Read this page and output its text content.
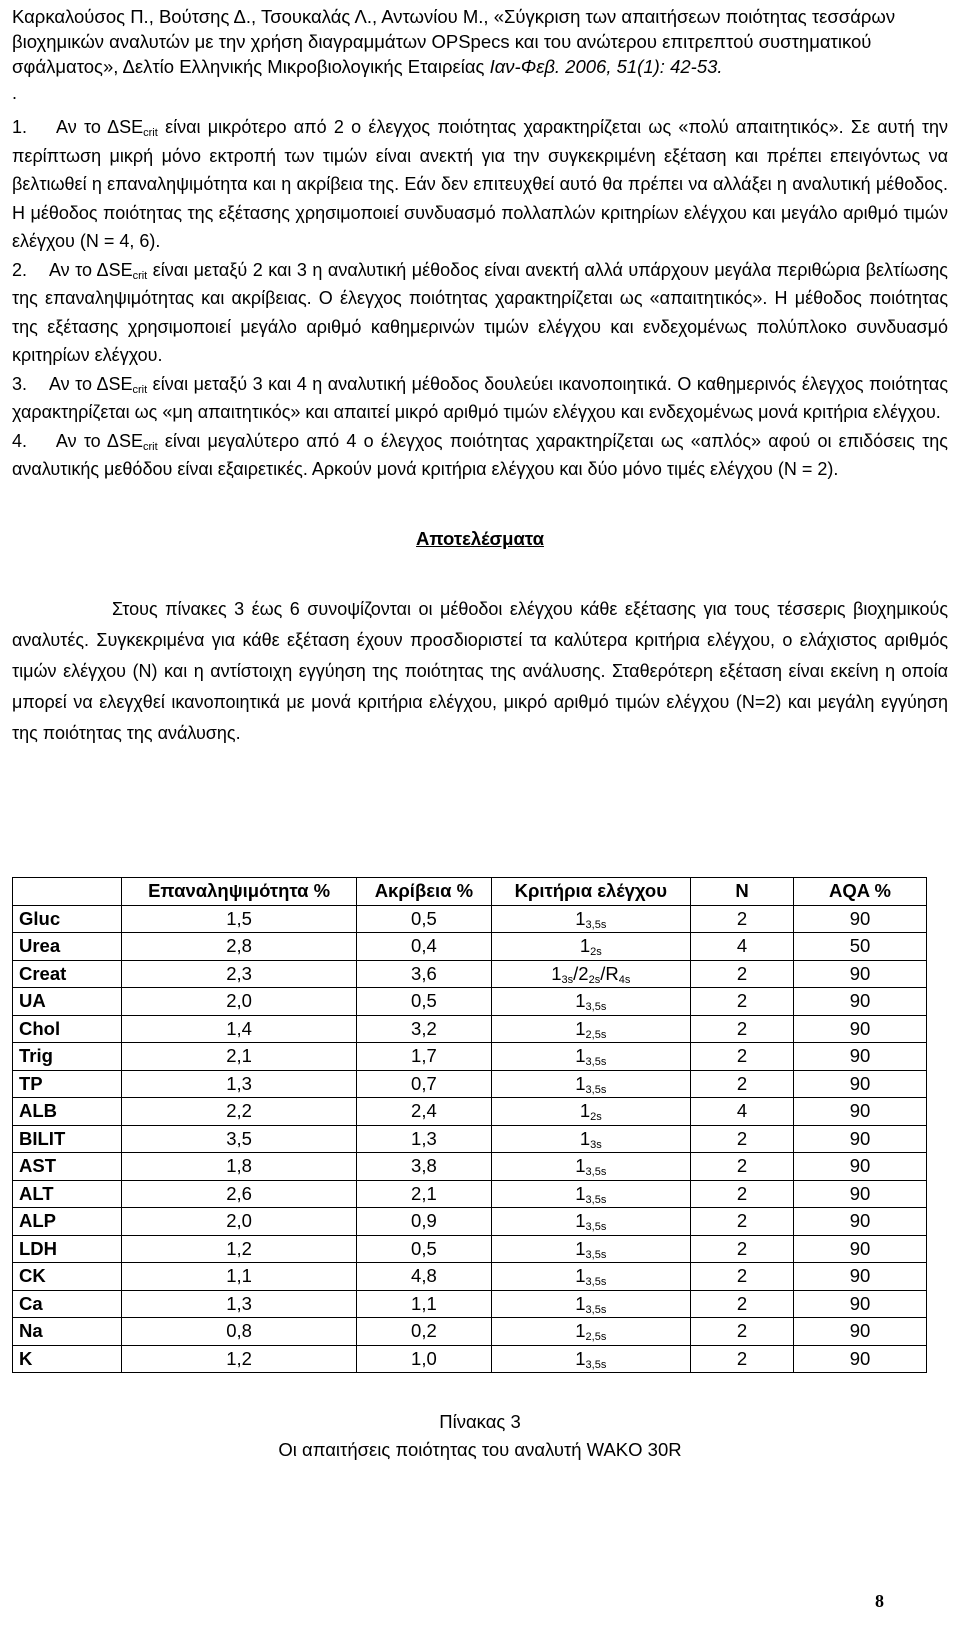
Καρκαλούσος Π., Βούτσης Δ., Τσουκαλάς Λ., Αντωνίου Μ., «Σύγκριση των απαιτήσεων ποιότητας τεσσάρων βιοχημικών αναλυτών με την χρήση διαγραμμάτων OPSpecs και του ανώτερου επιτρεπτού συστηματικού σφάλματος», Δελτίο Ελληνικής Μικροβιολογικής Εταιρείας Ιαν-Φεβ. 2006, 51(1): 42-53.

.

1. Αν το $\Delta SE_{crit}$ είναι μικρότερο από 2 ο έλεγχος ποιότητας χαρακτηρίζεται ως «πολύ απαιτητικός». Σε αυτή την περίπτωση μικρή μόνο εκτροπή των τιμών είναι ανεκτή για την συγκεκριμένη εξέταση και πρέπει επειγόντως να βελτιωθεί η επαναληψιμότητα και η ακρίβεια της. Εάν δεν επιτευχθεί αυτό θα πρέπει να αλλάξει η αναλυτική μέθοδος. Η μέθοδος ποιότητας της εξέτασης χρησιμοποιεί συνδυασμό πολλαπλών κριτηρίων ελέγχου και μεγάλο αριθμό τιμών ελέγχου (N = 4, 6).

2. Αν το $\Delta SE_{crit}$ είναι μεταξύ 2 και 3 η αναλυτική μέθοδος είναι ανεκτή αλλά υπάρχουν μεγάλα περιθώρια βελτίωσης της επαναληψιμότητας και ακρίβειας. Ο έλεγχος ποιότητας χαρακτηρίζεται ως «απαιτητικός». Η μέθοδος ποιότητας της εξέτασης χρησιμοποιεί μεγάλο αριθμό καθημερινών τιμών ελέγχου και ενδεχομένως πολύπλοκο συνδυασμό κριτηρίων ελέγχου.

3. Αν το $\Delta SE_{crit}$ είναι μεταξύ 3 και 4 η αναλυτική μέθοδος δουλεύει ικανοποιητικά. Ο καθημερινός έλεγχος ποιότητας χαρακτηρίζεται ως «μη απαιτητικός» και απαιτεί μικρό αριθμό τιμών ελέγχου και ενδεχομένως μονά κριτήρια ελέγχου.

4. Αν το $\Delta SE_{crit}$ είναι μεγαλύτερο από 4 ο έλεγχος ποιότητας χαρακτηρίζεται ως «απλός» αφού οι επιδόσεις της αναλυτικής μεθόδου είναι εξαιρετικές. Αρκούν μονά κριτήρια ελέγχου και δύο μόνο τιμές ελέγχου (N = 2).

Αποτελέσματα

Στους πίνακες 3 έως 6 συνοψίζονται οι μέθοδοι ελέγχου κάθε εξέτασης για τους τέσσερις βιοχημικούς αναλυτές. Συγκεκριμένα για κάθε εξέταση έχουν προσδιοριστεί τα καλύτερα κριτήρια ελέγχου, ο ελάχιστος αριθμός τιμών ελέγχου (Ν) και η αντίστοιχη εγγύηση της ποιότητας της ανάλυσης. Σταθερότερη εξέταση είναι εκείνη η οποία μπορεί να ελεγχθεί ικανοποιητικά με μονά κριτήρια ελέγχου, μικρό αριθμό τιμών ελέγχου (Ν=2) και μεγάλη εγγύηση της ποιότητας της ανάλυσης.

	Επαναληψιμότητα %	Ακρίβεια %	Κριτήρια ελέγχου	N	AQA %
Gluc	1,5	0,5	$1_{3,5s}$	2	90
Urea	2,8	0,4	$1_{2s}$	4	50
Creat	2,3	3,6	$1_{3s}/2_{2s}/R_{4s}$	2	90
UA	2,0	0,5	$1_{3,5s}$	2	90
Chol	1,4	3,2	$1_{2,5s}$	2	90
Trig	2,1	1,7	$1_{3,5s}$	2	90
TP	1,3	0,7	$1_{3,5s}$	2	90
ALB	2,2	2,4	$1_{2s}$	4	90
BILIT	3,5	1,3	$1_{3s}$	2	90
AST	1,8	3,8	$1_{3,5s}$	2	90
ALT	2,6	2,1	$1_{3,5s}$	2	90
ALP	2,0	0,9	$1_{3,5s}$	2	90
LDH	1,2	0,5	$1_{3,5s}$	2	90
CK	1,1	4,8	$1_{3,5s}$	2	90
Ca	1,3	1,1	$1_{3,5s}$	2	90
Na	0,8	0,2	$1_{2,5s}$	2	90
K	1,2	1,0	$1_{3,5s}$	2	90
Πίνακας 3
Οι απαιτήσεις ποιότητας του αναλυτή WAKO 30R
8
